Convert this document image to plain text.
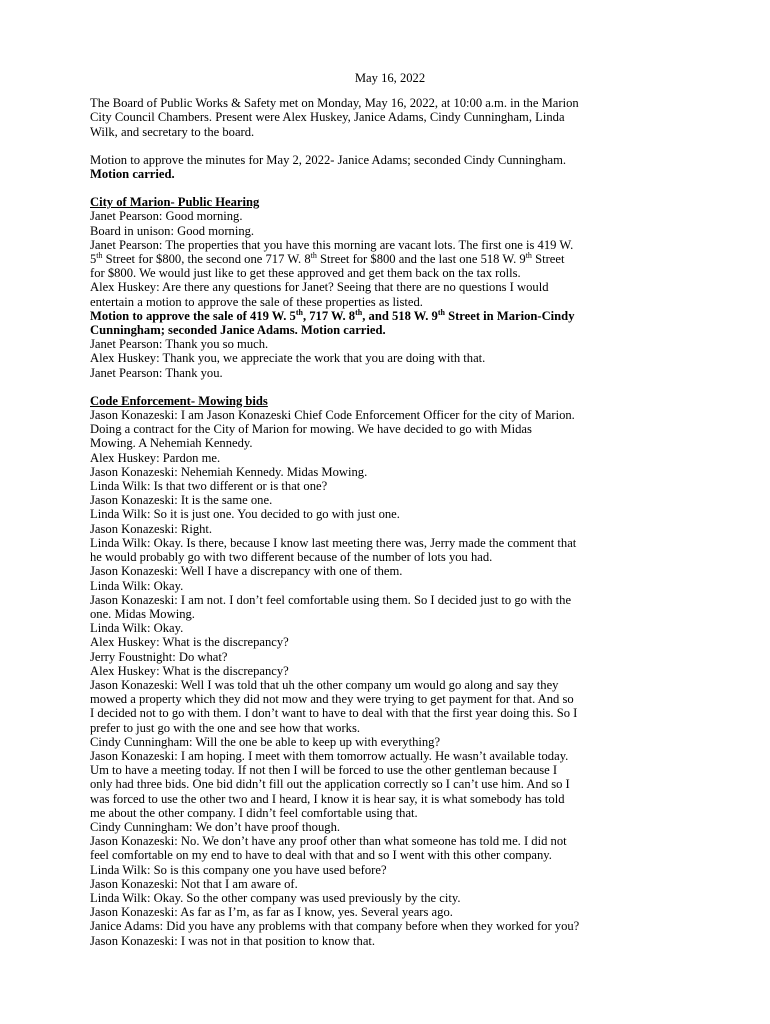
May 16, 2022

The Board of Public Works & Safety met on Monday, May 16, 2022, at 10:00 a.m. in the Marion
City Council Chambers. Present were Alex Huskey, Janice Adams, Cindy Cunningham, Linda
Wilk, and secretary to the board.

Motion to approve the minutes for May 2, 2022- Janice Adams; seconded Cindy Cunningham.
Motion carried.

City of Marion- Public Hearing
Janet Pearson: Good morning.
Board in unison: Good morning.
Janet Pearson: The properties that you have this morning are vacant lots. The first one is 419 W.
5th Street for $800, the second one 717 W. 8th Street for $800 and the last one 518 W. 9th Street
for $800. We would just like to get these approved and get them back on the tax rolls.
Alex Huskey: Are there any questions for Janet? Seeing that there are no questions I would
entertain a motion to approve the sale of these properties as listed.
Motion to approve the sale of 419 W. 5th, 717 W. 8th, and 518 W. 9th Street in Marion-Cindy
Cunningham; seconded Janice Adams. Motion carried.
Janet Pearson: Thank you so much.
Alex Huskey: Thank you, we appreciate the work that you are doing with that.
Janet Pearson: Thank you.
Code Enforcement- Mowing bids
Jason Konazeski: I am Jason Konazeski Chief Code Enforcement Officer for the city of Marion.
Doing a contract for the City of Marion for mowing. We have decided to go with Midas
Mowing. A Nehemiah Kennedy.
Alex Huskey: Pardon me.
Jason Konazeski: Nehemiah Kennedy. Midas Mowing.
Linda Wilk: Is that two different or is that one?
Jason Konazeski: It is the same one.
Linda Wilk: So it is just one. You decided to go with just one.
Jason Konazeski: Right.
Linda Wilk: Okay. Is there, because I know last meeting there was, Jerry made the comment that
he would probably go with two different because of the number of lots you had.
Jason Konazeski: Well I have a discrepancy with one of them.
Linda Wilk: Okay.
Jason Konazeski: I am not. I don’t feel comfortable using them. So I decided just to go with the
one. Midas Mowing.
Linda Wilk: Okay.
Alex Huskey: What is the discrepancy?
Jerry Foustnight: Do what?
Alex Huskey: What is the discrepancy?
Jason Konazeski: Well I was told that uh the other company um would go along and say they
mowed a property which they did not mow and they were trying to get payment for that. And so
I decided not to go with them. I don’t want to have to deal with that the first year doing this. So I
prefer to just go with the one and see how that works.
Cindy Cunningham: Will the one be able to keep up with everything?
Jason Konazeski: I am hoping. I meet with them tomorrow actually. He wasn’t available today.
Um to have a meeting today. If not then I will be forced to use the other gentleman because I
only had three bids. One bid didn’t fill out the application correctly so I can’t use him. And so I
was forced to use the other two and I heard, I know it is hear say, it is what somebody has told
me about the other company. I didn’t feel comfortable using that.
Cindy Cunningham: We don’t have proof though.
Jason Konazeski: No. We don’t have any proof other than what someone has told me. I did not
feel comfortable on my end to have to deal with that and so I went with this other company.
Linda Wilk: So is this company one you have used before?
Jason Konazeski: Not that I am aware of.
Linda Wilk: Okay. So the other company was used previously by the city.
Jason Konazeski: As far as I’m, as far as I know, yes. Several years ago.
Janice Adams: Did you have any problems with that company before when they worked for you?
Jason Konazeski: I was not in that position to know that.
